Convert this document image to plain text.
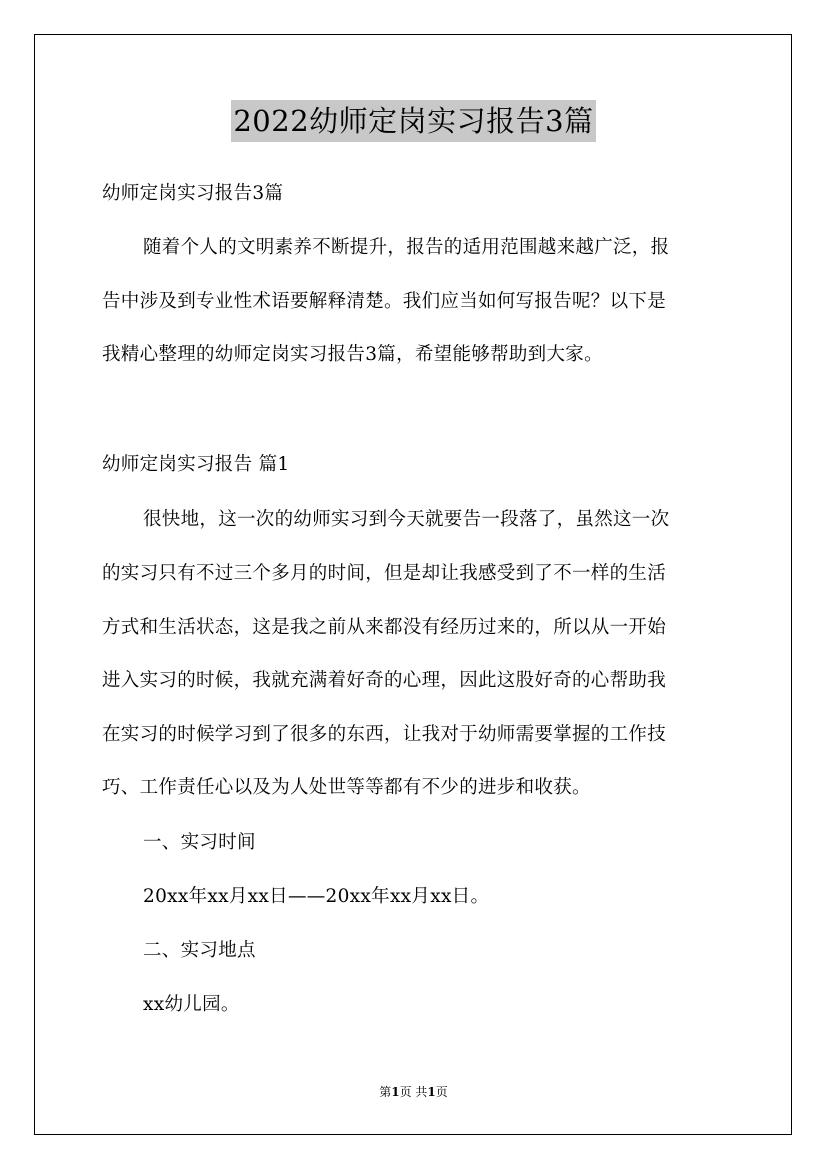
2022幼师定岗实习报告3篇
幼师定岗实习报告3篇
随着个人的文明素养不断提升，报告的适用范围越来越广泛，报
告中涉及到专业性术语要解释清楚。我们应当如何写报告呢？以下是
我精心整理的幼师定岗实习报告3篇，希望能够帮助到大家。
幼师定岗实习报告 篇1
很快地，这一次的幼师实习到今天就要告一段落了，虽然这一次
的实习只有不过三个多月的时间，但是却让我感受到了不一样的生活
方式和生活状态，这是我之前从来都没有经历过来的，所以从一开始
进入实习的时候，我就充满着好奇的心理，因此这股好奇的心帮助我
在实习的时候学习到了很多的东西，让我对于幼师需要掌握的工作技
巧、工作责任心以及为人处世等等都有不少的进步和收获。
一、实习时间
20xx年xx月xx日——20xx年xx月xx日。
二、实习地点
xx幼儿园。
第1页 共1页
